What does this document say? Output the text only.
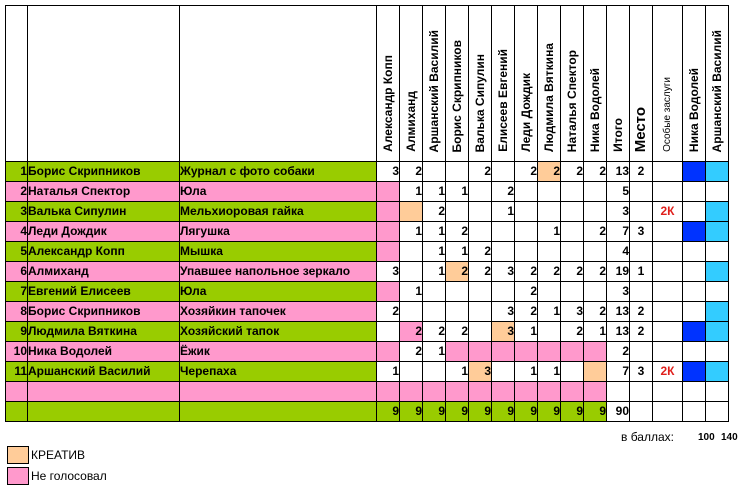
			Александр Копп	Алмиханд	Аршанский Василий	Борис Скрипников	Валька Сипулин	Елисеев Евгений	Леди Дождик	Людмила Вяткина	Наталья Спектор	Ника Водолей	Итого	Место	Особые заслуги	Ника Водолей	Аршанский Василий
1	Борис Скрипников	Журнал с фото собаки	3	2			2		2	2	2	2	13	2			
2	Наталья Спектор	Юла		1	1	1		2					5				
3	Валька Сипулин	Мельхиоровая гайка			2			1					3		2К		
4	Леди Дождик	Лягушка		1	1	2				1		2	7	3			
5	Александр Копп	Мышка			1	1	2						4				
6	Алмиханд	Упавшее напольное зеркало	3		1	2	2	3	2	2	2	2	19	1			
7	Евгений Елисеев	Юла		1					2				3				
8	Борис Скрипников	Хозяйкин тапочек	2					3	2	1	3	2	13	2			
9	Людмила Вяткина	Хозяйский тапок		2	2	2		3	1		2	1	13	2			
10	Ника Водолей	Ёжик		2	1								2				
11	Аршанский Василий	Черепаха	1			1	3		1	1			7	3	2К		

			9	9	9	9	9	9	9	9	9	9	90				
в баллах: 100 140
КРЕАТИВ
Не голосовал
